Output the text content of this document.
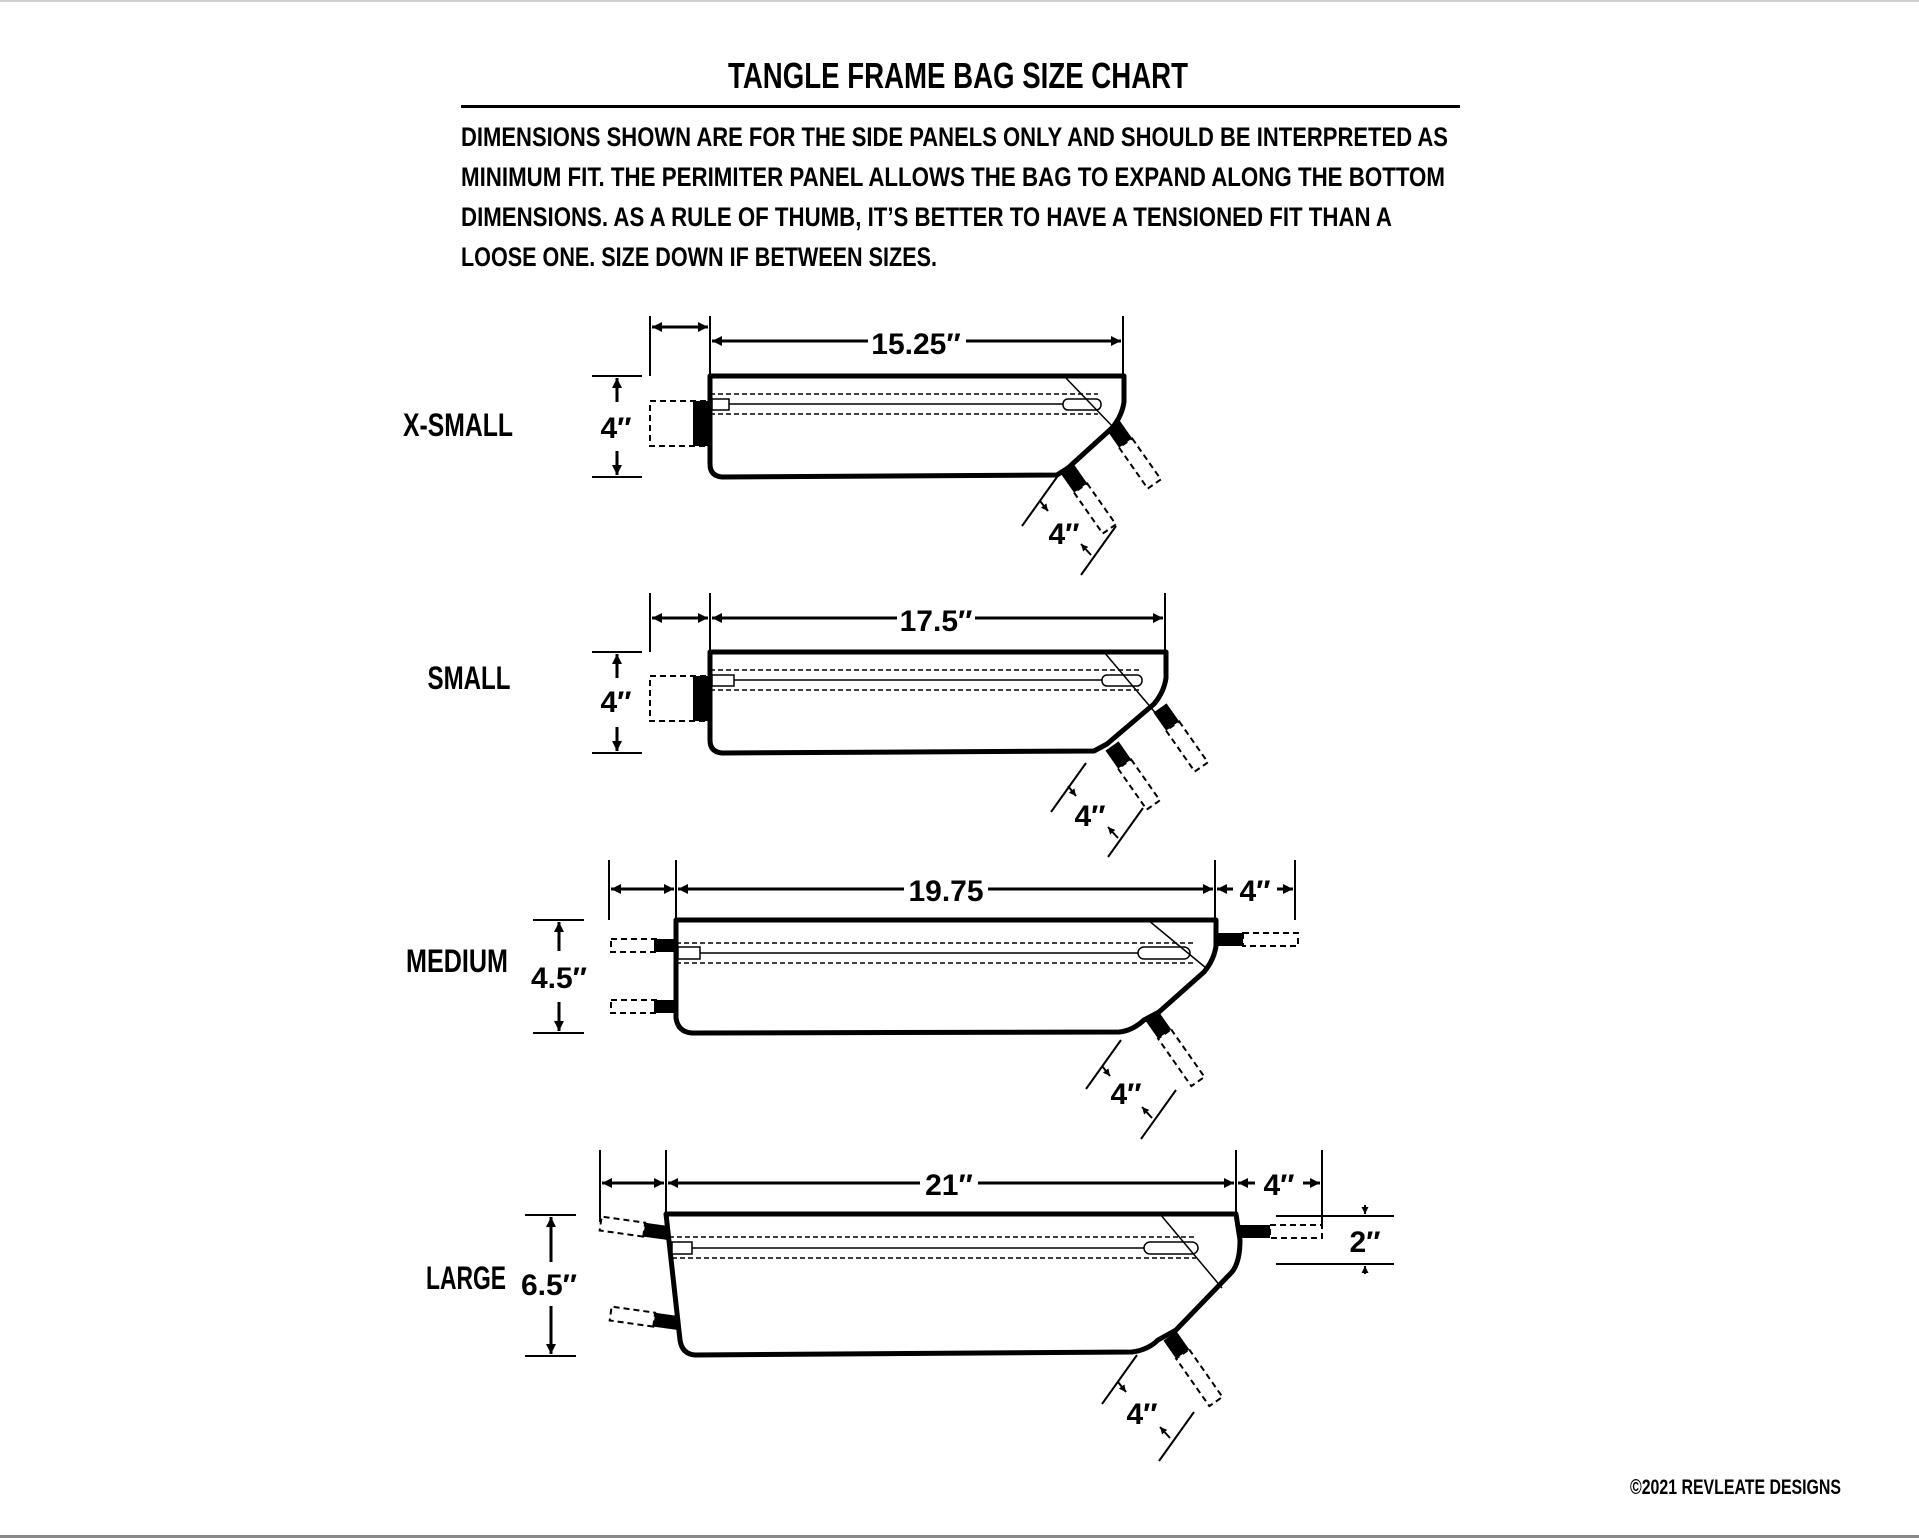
TANGLE FRAME BAG SIZE CHART
DIMENSIONS SHOWN ARE FOR THE SIDE PANELS ONLY AND SHOULD BE INTERPRETED AS
MINIMUM FIT. THE PERIMITER PANEL ALLOWS THE BAG TO EXPAND ALONG THE BOTTOM
DIMENSIONS. AS A RULE OF THUMB, IT’S BETTER TO HAVE A TENSIONED FIT THAN A
LOOSE ONE. SIZE DOWN IF BETWEEN SIZES.
X-SMALL
15.25″
4″
4″
SMALL
17.5″
4″
4″
MEDIUM
19.75	4″
4.5″
4″
LARGE
21″	4″
2″
6.5″
4″
©2021 REVLEATE DESIGNS
